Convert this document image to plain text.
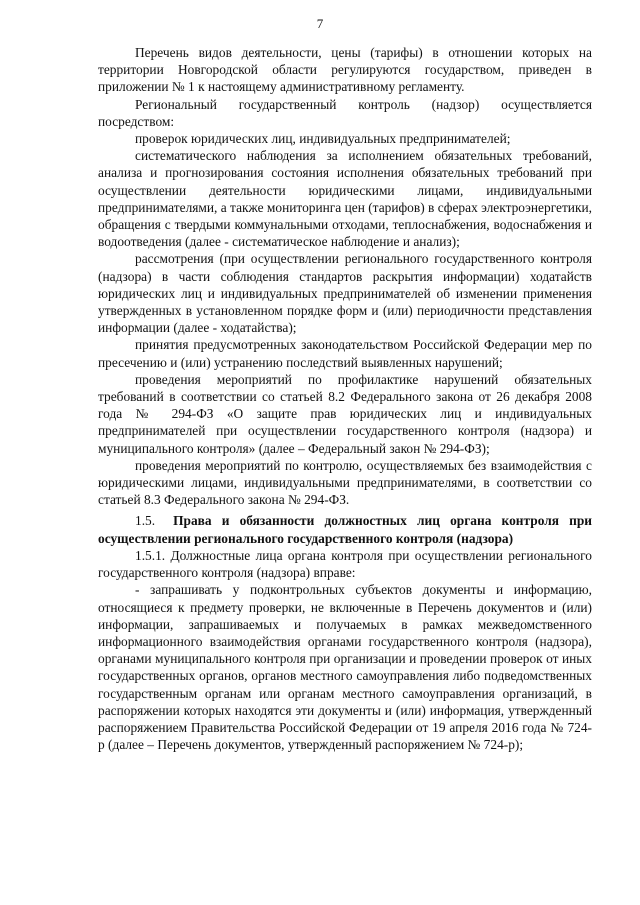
7

Перечень видов деятельности, цены (тарифы) в отношении которых на территории Новгородской области регулируются государством, приведен в приложении № 1 к настоящему административному регламенту.

Региональный государственный контроль (надзор) осуществляется посредством:

проверок юридических лиц, индивидуальных предпринимателей;

систематического наблюдения за исполнением обязательных требований, анализа и прогнозирования состояния исполнения обязательных требований при осуществлении деятельности юридическими лицами, индивидуальными предпринимателями, а также мониторинга цен (тарифов) в сферах электроэнергетики, обращения с твердыми коммунальными отходами, теплоснабжения, водоснабжения и водоотведения (далее - систематическое наблюдение и анализ);

рассмотрения (при осуществлении регионального государственного контроля (надзора) в части соблюдения стандартов раскрытия информации) ходатайств юридических лиц и индивидуальных предпринимателей об изменении применения утвержденных в установленном порядке форм и (или) периодичности представления информации (далее - ходатайства);

принятия предусмотренных законодательством Российской Федерации мер по пресечению и (или) устранению последствий выявленных нарушений;

проведения мероприятий по профилактике нарушений обязательных требований в соответствии со статьей 8.2 Федерального закона от 26 декабря 2008 года № 294-ФЗ «О защите прав юридических лиц и индивидуальных предпринимателей при осуществлении государственного контроля (надзора) и муниципального контроля» (далее – Федеральный закон № 294-ФЗ);

проведения мероприятий по контролю, осуществляемых без взаимодействия с юридическими лицами, индивидуальными предпринимателями, в соответствии со статьей 8.3 Федерального закона № 294-ФЗ.

1.5. Права и обязанности должностных лиц органа контроля при осуществлении регионального государственного контроля (надзора)

1.5.1. Должностные лица органа контроля при осуществлении регионального государственного контроля (надзора) вправе:

- запрашивать у подконтрольных субъектов документы и информацию, относящиеся к предмету проверки, не включенные в Перечень документов и (или) информации, запрашиваемых и получаемых в рамках межведомственного информационного взаимодействия органами государственного контроля (надзора), органами муниципального контроля при организации и проведении проверок от иных государственных органов, органов местного самоуправления либо подведомственных государственным органам или органам местного самоуправления организаций, в распоряжении которых находятся эти документы и (или) информация, утвержденный распоряжением Правительства Российской Федерации от 19 апреля 2016 года № 724-р (далее – Перечень документов, утвержденный распоряжением № 724-р);
